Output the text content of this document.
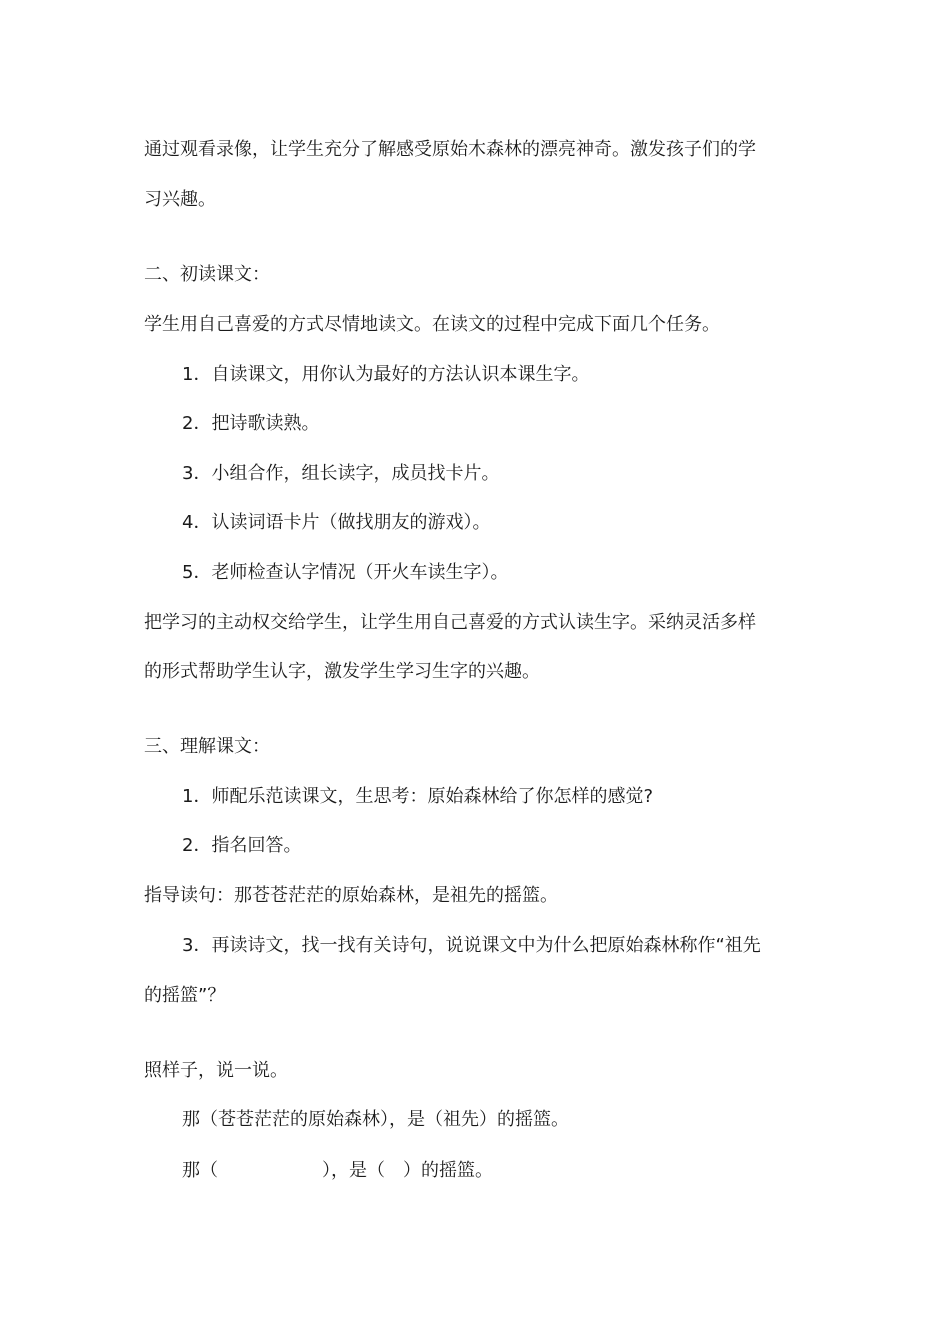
通过观看录像，让学生充分了解感受原始木森林的漂亮神奇。激发孩子们的学
习兴趣。
二、初读课文：
学生用自己喜爱的方式尽情地读文。在读文的过程中完成下面几个任务。
1．自读课文，用你认为最好的方法认识本课生字。
2．把诗歌读熟。
3．小组合作，组长读字，成员找卡片。
4．认读词语卡片（做找朋友的游戏）。
5．老师检查认字情况（开火车读生字）。
把学习的主动权交给学生，让学生用自己喜爱的方式认读生字。采纳灵活多样
的形式帮助学生认字，激发学生学习生字的兴趣。
三、理解课文：
1．师配乐范读课文，生思考：原始森林给了你怎样的感觉?
2．指名回答。
指导读句：那苍苍茫茫的原始森林，是祖先的摇篮。
3．再读诗文，找一找有关诗句，说说课文中为什么把原始森林称作“祖先
的摇篮”？
照样子，说一说。
那（苍苍茫茫的原始森林），是（祖先）的摇篮。
那（	），是（ ）的摇篮。
